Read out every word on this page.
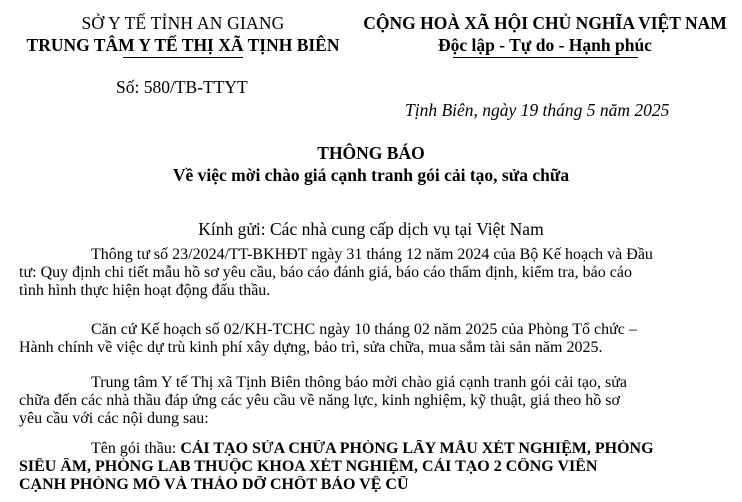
SỞ Y TẾ TỈNH AN GIANG
TRUNG TÂM Y TẾ THỊ XÃ TỊNH BIÊN
CỘNG HOÀ XÃ HỘI CHỦ NGHĨA VIỆT NAM
Độc lập - Tự do - Hạnh phúc
Số: 580/TB-TTYT
Tịnh Biên, ngày 19 tháng 5 năm 2025
THÔNG BÁO
Về việc mời chào giá cạnh tranh gói cải tạo, sửa chữa
Kính gửi: Các nhà cung cấp dịch vụ tại Việt Nam
Thông tư số 23/2024/TT-BKHĐT ngày 31 tháng 12 năm 2024 của Bộ Kế hoạch và Đầu
tư: Quy định chi tiết mẫu hồ sơ yêu cầu, báo cáo đánh giá, báo cáo thẩm định, kiểm tra, báo cáo
tình hình thực hiện hoạt động đấu thầu.
Căn cứ Kế hoạch số 02/KH-TCHC ngày 10 tháng 02 năm 2025 của Phòng Tổ chức –
Hành chính về việc dự trù kinh phí xây dựng, bảo trì, sửa chữa, mua sắm tài sản năm 2025.
Trung tâm Y tế Thị xã Tịnh Biên thông báo mời chào giá cạnh tranh gói cải tạo, sửa
chữa đến các nhà thầu đáp ứng các yêu cầu về năng lực, kinh nghiệm, kỹ thuật, giá theo hồ sơ
yêu cầu với các nội dung sau:
Tên gói thầu: CẢI TẠO SỬA CHỮA PHÒNG LẤY MẪU XÉT NGHIỆM, PHÒNG
SIÊU ÂM, PHÒNG LAB THUỘC KHOA XÉT NGHIỆM, CẢI TẠO 2 CÔNG VIÊN
CẠNH PHÒNG MỔ VÀ THÁO DỠ CHỐT BẢO VỆ CŨ
